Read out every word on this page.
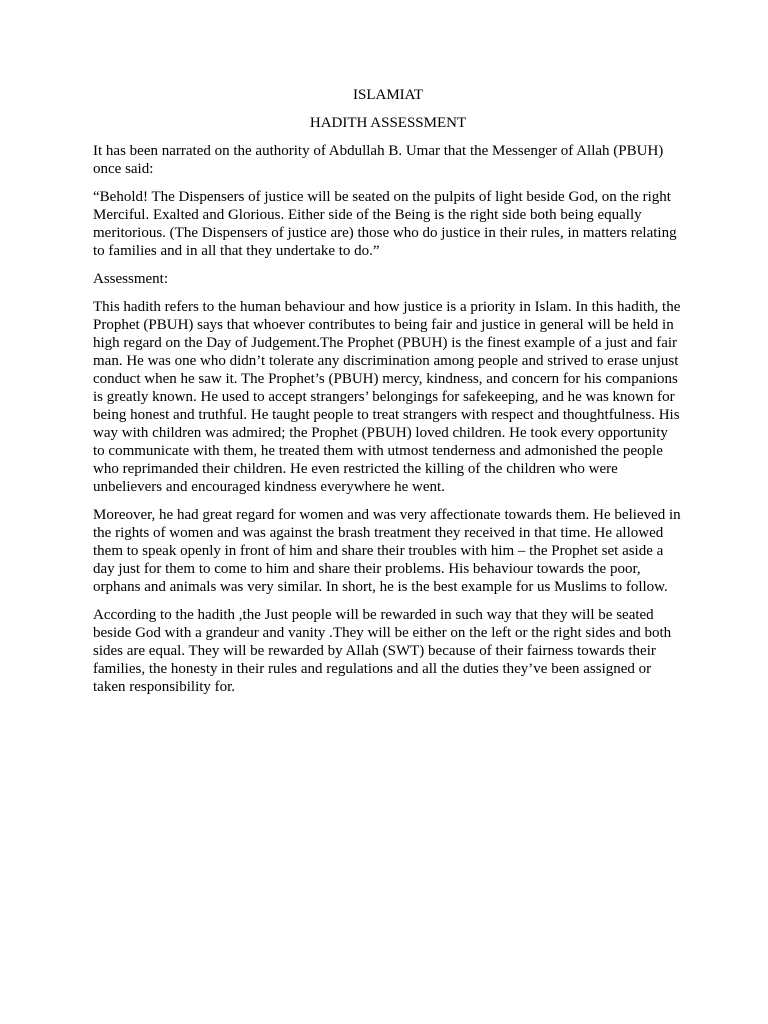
ISLAMIAT

HADITH ASSESSMENT

It has been narrated on the authority of Abdullah B. Umar that the Messenger of Allah (PBUH) once said:

“Behold! The Dispensers of justice will be seated on the pulpits of light beside God, on the right Merciful. Exalted and Glorious. Either side of the Being is the right side both being equally meritorious. (The Dispensers of justice are) those who do justice in their rules, in matters relating to families and in all that they undertake to do.”

Assessment:

This hadith refers to the human behaviour and how justice is a priority in Islam. In this hadith, the Prophet (PBUH) says that whoever contributes to being fair and justice in general will be held in high regard on the Day of Judgement.The Prophet (PBUH) is the finest example of a just and fair man. He was one who didn’t tolerate any discrimination among people and strived to erase unjust conduct when he saw it. The Prophet’s (PBUH) mercy, kindness, and concern for his companions is greatly known. He used to accept strangers’ belongings for safekeeping, and he was known for being honest and truthful. He taught people to treat strangers with respect and thoughtfulness. His way with children was admired; the Prophet (PBUH) loved children. He took every opportunity to communicate with them, he treated them with utmost tenderness and admonished the people who reprimanded their children. He even restricted the killing of the children who were unbelievers and encouraged kindness everywhere he went.

Moreover, he had great regard for women and was very affectionate towards them. He believed in the rights of women and was against the brash treatment they received in that time. He allowed them to speak openly in front of him and share their troubles with him – the Prophet set aside a day just for them to come to him and share their problems. His behaviour towards the poor, orphans and animals was very similar. In short, he is the best example for us Muslims to follow.

According to the hadith ,the Just people will be rewarded in such way that they will be seated beside God with a grandeur and vanity .They will be either on the left or the right sides and both sides are equal. They will be rewarded by Allah (SWT) because of their fairness towards their families, the honesty in their rules and regulations and all the duties they’ve been assigned or taken responsibility for.
